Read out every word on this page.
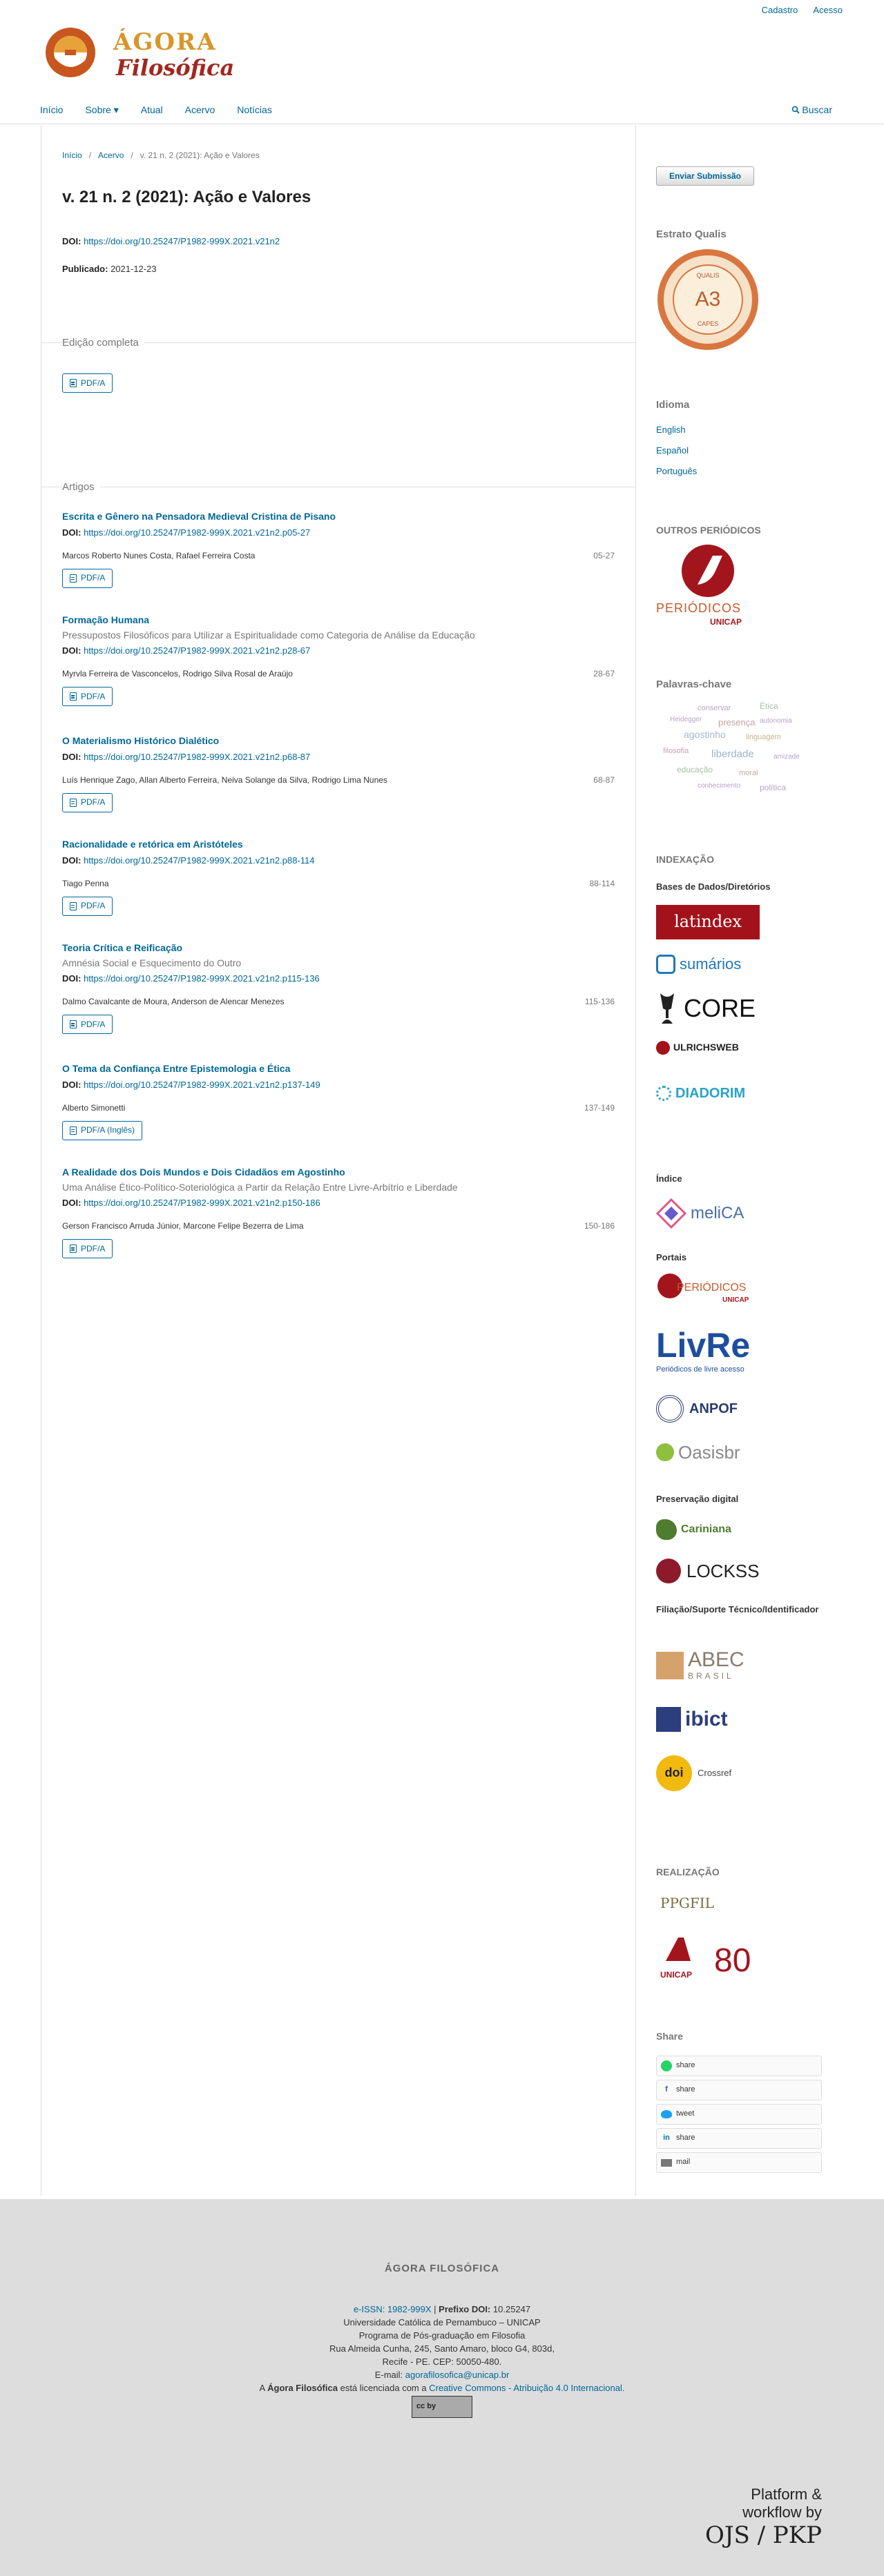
Cadastro Acesso
ÁGORA
Filosófica
Início Sobre ▾ Atual Acervo Notícias	Buscar
Início / Acervo / v. 21 n. 2 (2021): Ação e Valores
v. 21 n. 2 (2021): Ação e Valores
DOI: https://doi.org/10.25247/P1982-999X.2021.v21n2
Publicado: 2021-12-23
Edição completa
PDF/A
Artigos
Escrita e Gênero na Pensadora Medieval Cristina de Pisano
DOI: https://doi.org/10.25247/P1982-999X.2021.v21n2.p05-27
Marcos Roberto Nunes Costa, Rafael Ferreira Costa	05-27
PDF/A
Formação Humana
Pressupostos Filosóficos para Utilizar a Espiritualidade como Categoria de Análise da Educação
DOI: https://doi.org/10.25247/P1982-999X.2021.v21n2.p28-67
Myrvla Ferreira de Vasconcelos, Rodrigo Silva Rosal de Araújo	28-67
PDF/A
O Materialismo Histórico Dialético
DOI: https://doi.org/10.25247/P1982-999X.2021.v21n2.p68-87
Luís Henrique Zago, Allan Alberto Ferreira, Neiva Solange da Silva, Rodrigo Lima Nunes	68-87
PDF/A
Racionalidade e retórica em Aristóteles
DOI: https://doi.org/10.25247/P1982-999X.2021.v21n2.p88-114
Tiago Penna	88-114
PDF/A
Teoria Crítica e Reificação
Amnésia Social e Esquecimento do Outro
DOI: https://doi.org/10.25247/P1982-999X.2021.v21n2.p115-136
Dalmo Cavalcante de Moura, Anderson de Alencar Menezes	115-136
PDF/A
O Tema da Confiança Entre Epistemologia e Ética
DOI: https://doi.org/10.25247/P1982-999X.2021.v21n2.p137-149
Alberto Simonetti	137-149
PDF/A (Inglês)
A Realidade dos Dois Mundos e Dois Cidadãos em Agostinho
Uma Análise Ético-Político-Soteriológica a Partir da Relação Entre Livre-Arbítrio e Liberdade
DOI: https://doi.org/10.25247/P1982-999X.2021.v21n2.p150-186
Gerson Francisco Arruda Júnior, Marcone Felipe Bezerra de Lima	150-186
PDF/A
Enviar Submissão
Estrato Qualis
QUALIS
A3
CAPES
Idioma
English
Español
Português
OUTROS PERIÓDICOS
PERIÓDICOS
UNICAP
Palavras-chave
conservar	Ética
Heidegger presença autonomia
agostinho	linguagem
filosofia liberdade	amizade
educação	moral
conhecimento política
INDEXAÇÃO
Bases de Dados/Diretórios
latindex
sumários
CORE
ULRICHSWEB
DIADORIM
Índice
meliCA
Portais
PERIÓDICOS
UNICAP
LivRe
Periódicos de livre acesso
ANPOF
Oasisbr
Preservação digital
Cariniana
LOCKSS
Filiação/Suporte Técnico/Identificador
ABEC
BRASIL
ibict
doi	Crossref
REALIZAÇÃO
PPGFIL
UNICAP 80
Share
share
f	share
tweet
in share
mail
ÁGORA FILOSÓFICA
e-ISSN: 1982-999X | Prefixo DOI: 10.25247
Universidade Católica de Pernambuco – UNICAP
Programa de Pós-graduação em Filosofia
Rua Almeida Cunha, 245, Santo Amaro, bloco G4, 803d,
Recife - PE. CEP: 50050-480.
E-mail: agorafilosofica@unicap.br
A Ágora Filosófica está licenciada com a Creative Commons - Atribuição 4.0 Internacional.
cc by
Platform &
workflow by
OJS / PKP
